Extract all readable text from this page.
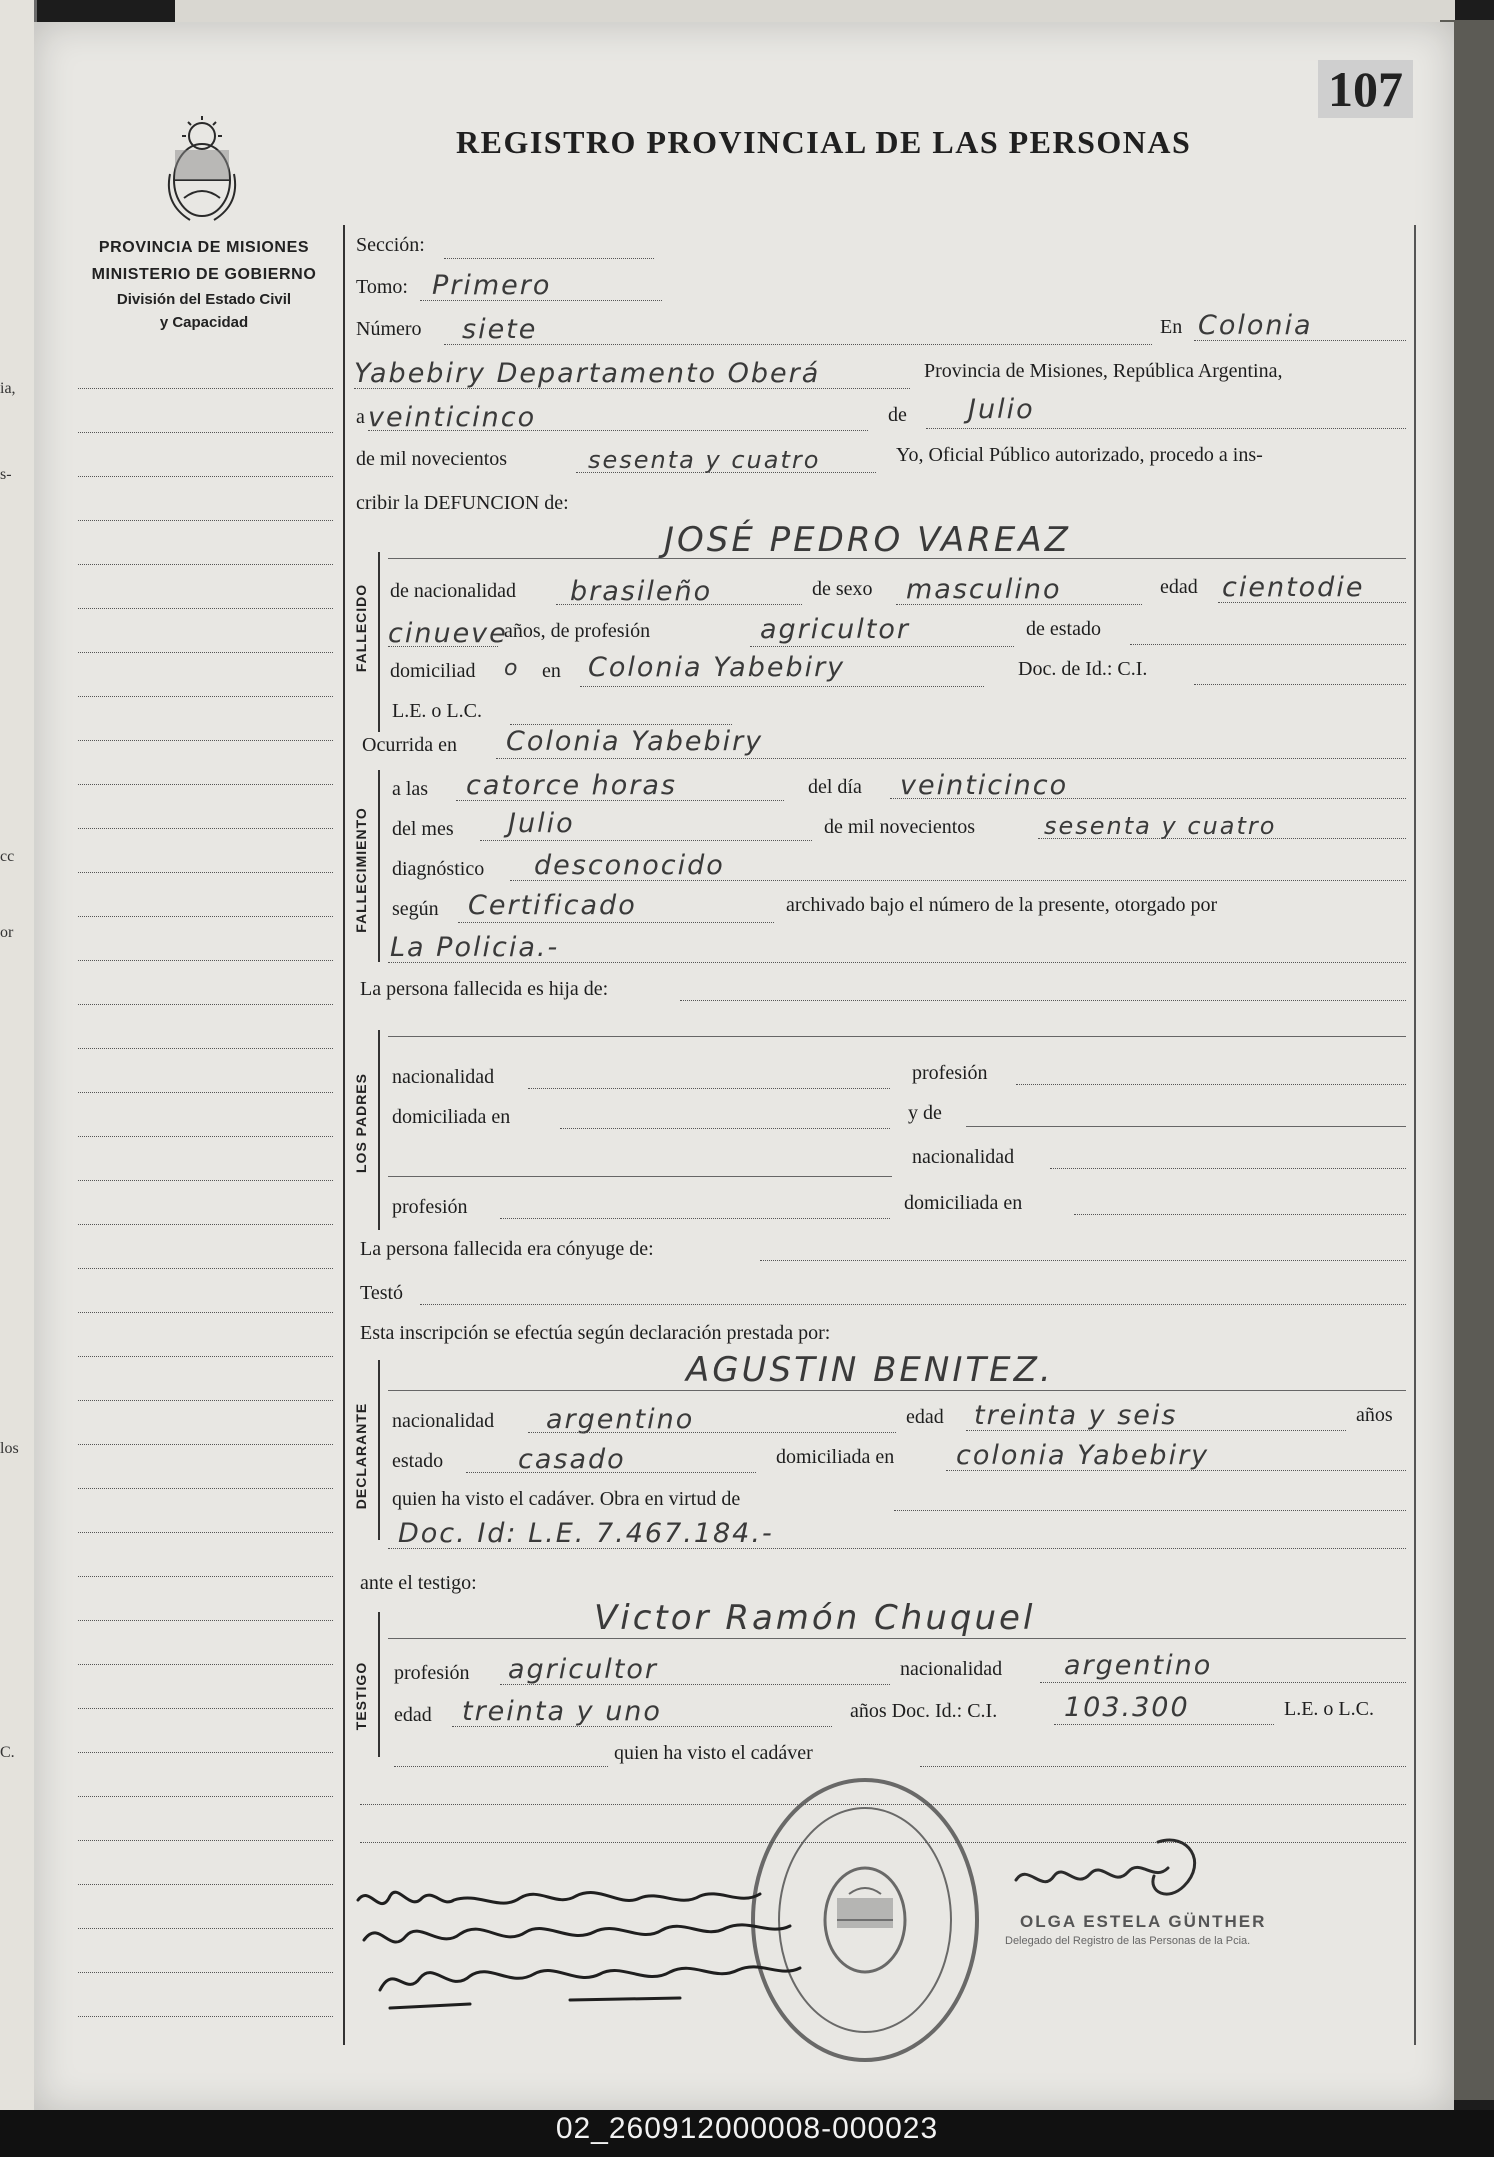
ia,
s-
cc
or
los
C.
107
REGISTRO PROVINCIAL DE LAS PERSONAS
PROVINCIA DE MISIONES
MINISTERIO DE GOBIERNO
División del Estado Civil
y Capacidad
FALLECIDO
FALLECIMIENTO
LOS PADRES
DECLARANTE
TESTIGO
Sección:
Tomo: Primero
Número siete	En Colonia
Yabebiry Departamento Oberá	Provincia de Misiones, República Argentina,
a veinticinco	de Julio
de mil novecientos	sesenta y cuatro	Yo, Oficial Público autorizado, procedo a ins-
cribir la DEFUNCION de:
JOSÉ PEDRO VAREAZ
de nacionalidad brasileño	de sexo masculino	edad cientodie
cinueve
años, de profesión	agricultor	de estado
domiciliad o en Colonia Yabebiry	Doc. de Id.: C.I.
L.E. o L.C.
Ocurrida en Colonia Yabebiry
a las catorce horas	del día veinticinco
del mes Julio	de mil novecientos	sesenta y cuatro
diagnóstico desconocido
según Certificado	archivado bajo el número de la presente, otorgado por
La Policia.-
La persona fallecida es hija de:
nacionalidad	profesión
domiciliada en	y de
nacionalidad
profesión	domiciliada en
La persona fallecida era cónyuge de:
Testó
Esta inscripción se efectúa según declaración prestada por:
AGUSTIN BENITEZ.
nacionalidad argentino	edad treinta y seis	años
estado	casado	domiciliada en colonia Yabebiry
quien ha visto el cadáver. Obra en virtud de
Doc. Id: L.E. 7.467.184.-
ante el testigo:
Victor Ramón Chuquel
profesión agricultor	nacionalidad argentino
edad treinta y uno	años Doc. Id.: C.I. 103.300	L.E. o L.C.
quien ha visto el cadáver
OLGA ESTELA GÜNTHER
Delegado del Registro de las Personas de la Pcia.
02_260912000008-000023
